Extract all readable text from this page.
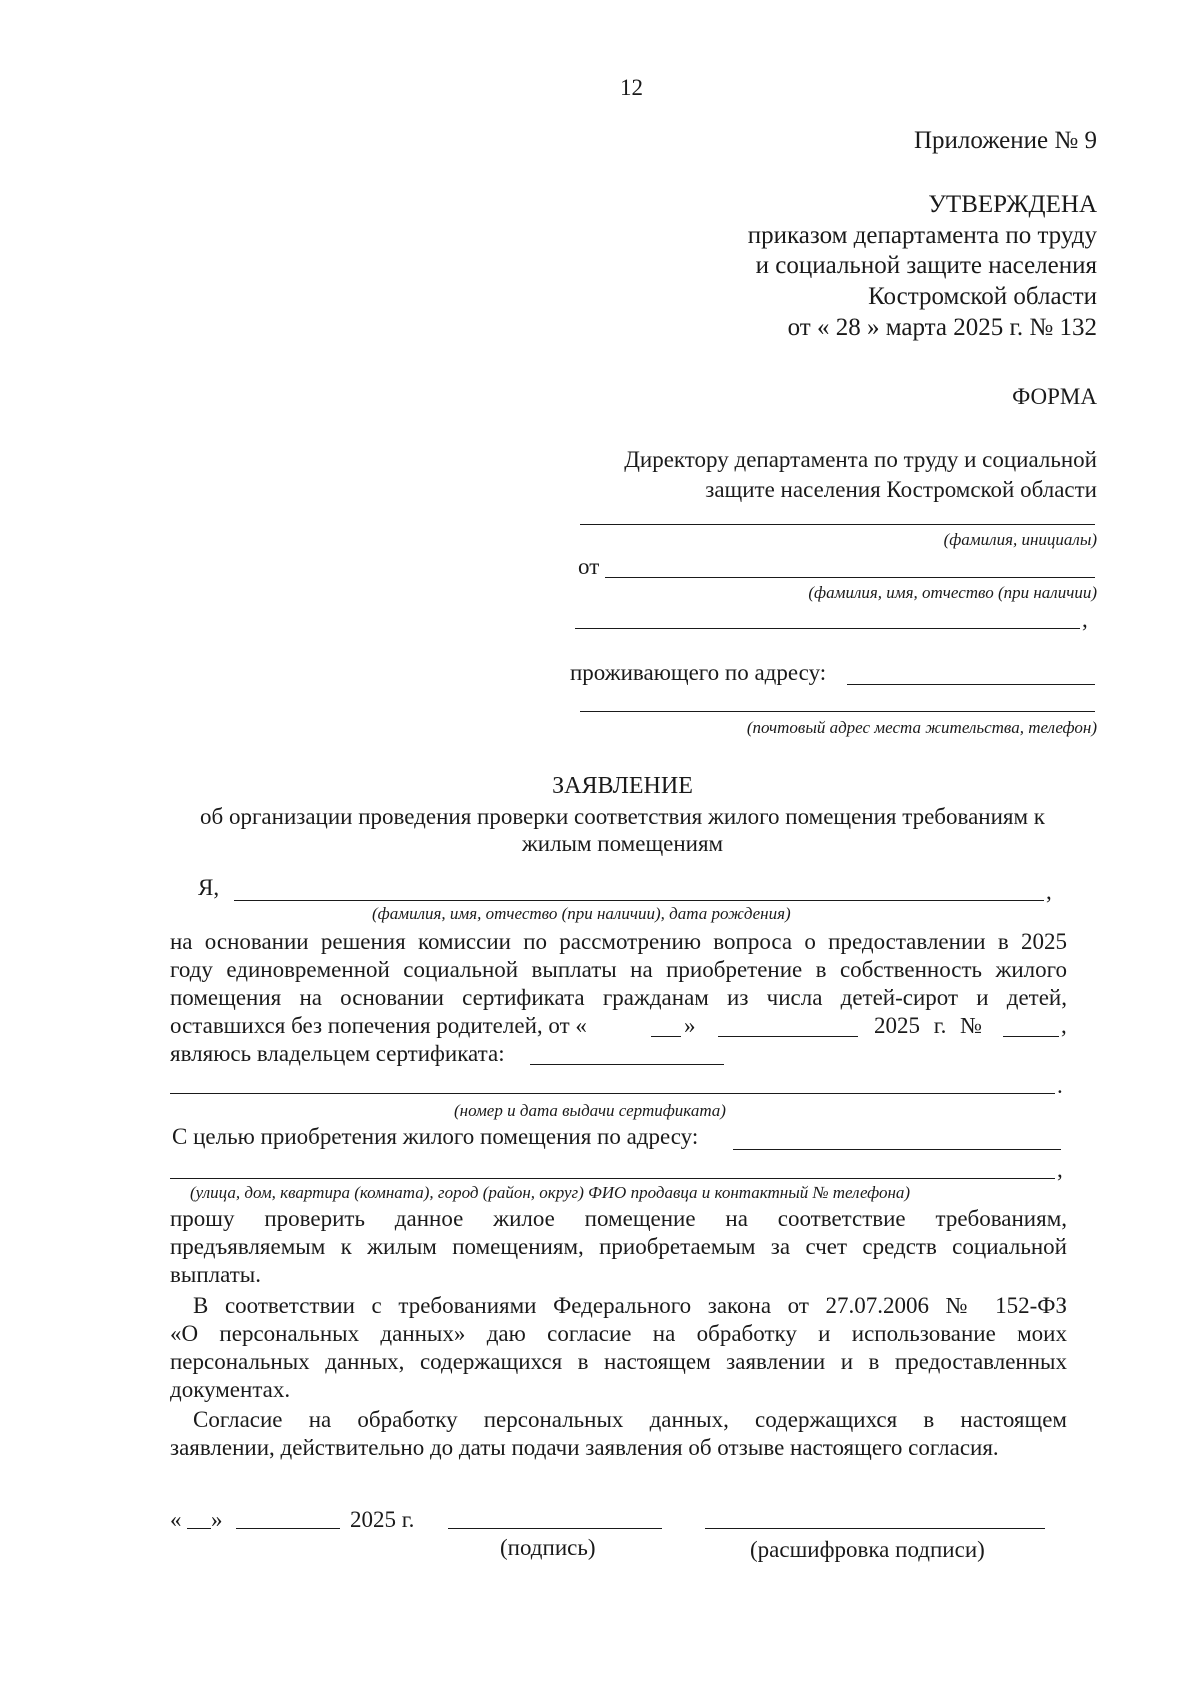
12
Приложение № 9
УТВЕРЖДЕНА
приказом департамента по труду
и социальной защите населения
Костромской области
от « 28 » марта 2025 г. № 132
ФОРМА
Директору департамента по труду и социальной
защите населения Костромской области
(фамилия, инициалы)
от
(фамилия, имя, отчество (при наличии)
,
проживающего по адресу:
(почтовый адрес места жительства, телефон)
ЗАЯВЛЕНИЕ
об организации проведения проверки соответствия жилого помещения требованиям к
жилым помещениям
Я,	,
(фамилия, имя, отчество (при наличии), дата рождения)
на основании решения комиссии по рассмотрению вопроса о предоставлении в 2025
году единовременной социальной выплаты на приобретение в собственность жилого
помещения на основании сертификата гражданам из числа детей-сирот и детей,
оставшихся без попечения родителей, от «	»	2025 г. №	,
являюсь владельцем сертификата:
.
(номер и дата выдачи сертификата)
С целью приобретения жилого помещения по адресу:
,
(улица, дом, квартира (комната), город (район, округ) ФИО продавца и контактный № телефона)
прошу проверить данное жилое помещение на соответствие требованиям,
предъявляемым к жилым помещениям, приобретаемым за счет средств социальной
выплаты.
В соответствии с требованиями Федерального закона от 27.07.2006 № 152-ФЗ
«О персональных данных» даю согласие на обработку и использование моих
персональных данных, содержащихся в настоящем заявлении и в предоставленных
документах.
Согласие на обработку персональных данных, содержащихся в настоящем
заявлении, действительно до даты подачи заявления об отзыве настоящего согласия.
« »	2025 г.
(подпись)	(расшифровка подписи)
